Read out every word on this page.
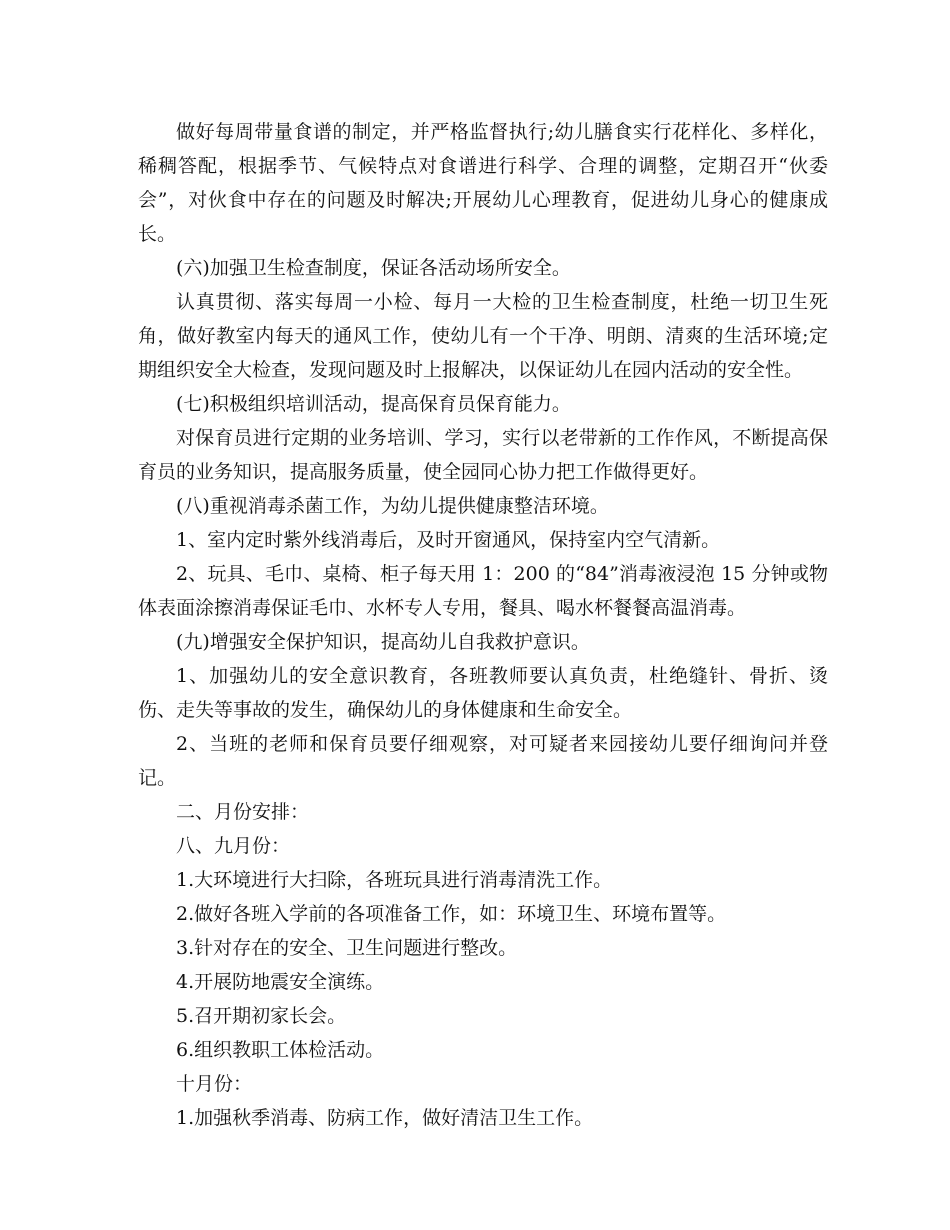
做好每周带量食谱的制定，并严格监督执行;幼儿膳食实行花样化、多样化，稀稠答配，根据季节、气候特点对食谱进行科学、合理的调整，定期召开“伙委会”，对伙食中存在的问题及时解决;开展幼儿心理教育，促进幼儿身心的健康成长。

(六)加强卫生检查制度，保证各活动场所安全。

认真贯彻、落实每周一小检、每月一大检的卫生检查制度，杜绝一切卫生死角，做好教室内每天的通风工作，使幼儿有一个干净、明朗、清爽的生活环境;定期组织安全大检查，发现问题及时上报解决，以保证幼儿在园内活动的安全性。

(七)积极组织培训活动，提高保育员保育能力。

对保育员进行定期的业务培训、学习，实行以老带新的工作作风，不断提高保育员的业务知识，提高服务质量，使全园同心协力把工作做得更好。

(八)重视消毒杀菌工作，为幼儿提供健康整洁环境。

1、室内定时紫外线消毒后，及时开窗通风，保持室内空气清新。

2、玩具、毛巾、桌椅、柜子每天用 1：200 的“84”消毒液浸泡 15 分钟或物体表面涂擦消毒保证毛巾、水杯专人专用，餐具、喝水杯餐餐高温消毒。

(九)增强安全保护知识，提高幼儿自我救护意识。

1、加强幼儿的安全意识教育，各班教师要认真负责，杜绝缝针、骨折、烫伤、走失等事故的发生，确保幼儿的身体健康和生命安全。

2、当班的老师和保育员要仔细观察，对可疑者来园接幼儿要仔细询问并登记。

二、月份安排：

八、九月份：

1.大环境进行大扫除，各班玩具进行消毒清洗工作。

2.做好各班入学前的各项准备工作，如：环境卫生、环境布置等。

3.针对存在的安全、卫生问题进行整改。

4.开展防地震安全演练。

5.召开期初家长会。

6.组织教职工体检活动。

十月份：

1.加强秋季消毒、防病工作，做好清洁卫生工作。
